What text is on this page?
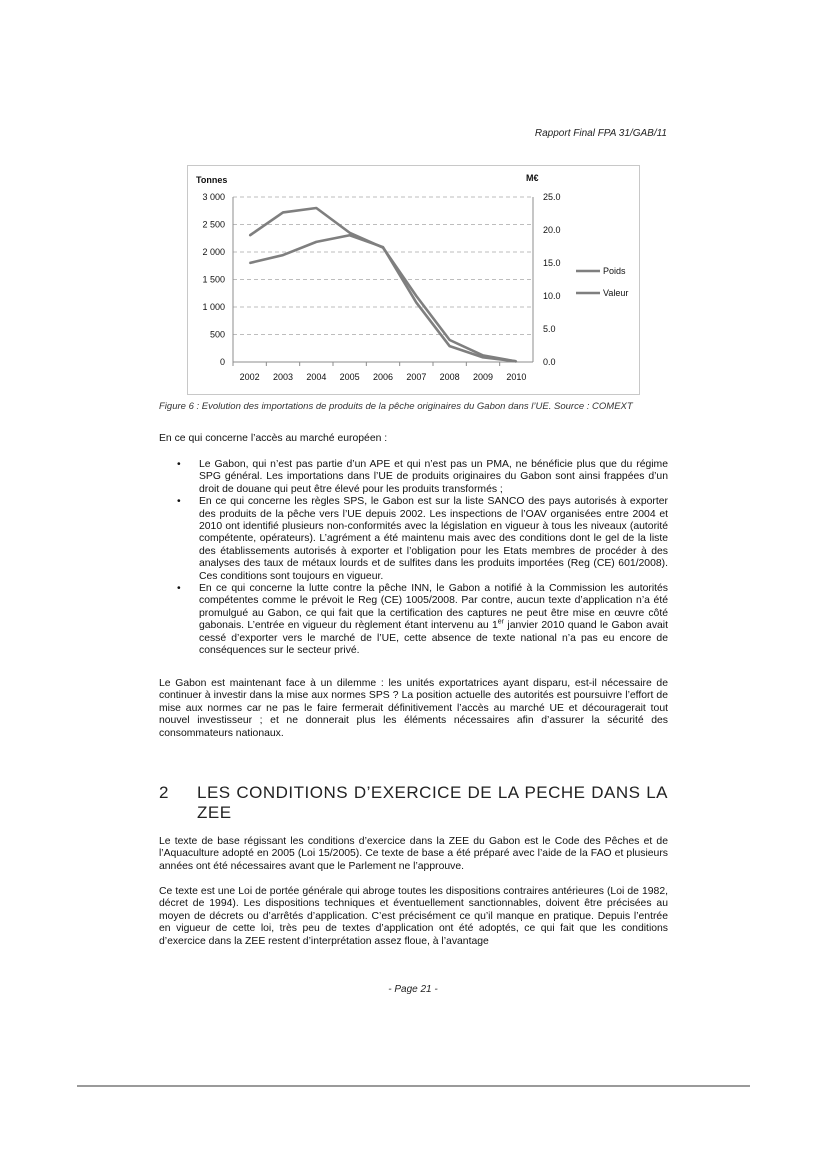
Rapport Final FPA 31/GAB/11
0
500
1 000
1 500
2 000
2 500
3 000
0.0
5.0
10.0
15.0
20.0
25.0
2002 2003 2004 2005 2006 2007 2008 2009 2010
Tonnes	M€
Poids
Valeur
Figure 6 : Evolution des importations de produits de la pêche originaires du Gabon dans l’UE. Source : COMEXT
En ce qui concerne l’accès au marché européen :
• Le Gabon, qui n’est pas partie d’un APE et qui n’est pas un PMA, ne bénéficie plus que du régime SPG général. Les importations dans l’UE de produits originaires du Gabon sont ainsi frappées d’un droit de douane qui peut être élevé pour les produits transformés ;
• En ce qui concerne les règles SPS, le Gabon est sur la liste SANCO des pays autorisés à exporter des produits de la pêche vers l’UE depuis 2002. Les inspections de l’OAV organisées entre 2004 et 2010 ont identifié plusieurs non-conformités avec la législation en vigueur à tous les niveaux (autorité compétente, opérateurs). L’agrément a été maintenu mais avec des conditions dont le gel de la liste des établissements autorisés à exporter et l’obligation pour les Etats membres de procéder à des analyses des taux de métaux lourds et de sulfites dans les produits importées (Reg (CE) 601/2008). Ces conditions sont toujours en vigueur.
• En ce qui concerne la lutte contre la pêche INN, le Gabon a notifié à la Commission les autorités compétentes comme le prévoit le Reg (CE) 1005/2008. Par contre, aucun texte d’application n’a été promulgué au Gabon, ce qui fait que la certification des captures ne peut être mise en œuvre côté gabonais. L’entrée en vigueur du règlement étant intervenu au 1er janvier 2010 quand le Gabon avait cessé d’exporter vers le marché de l’UE, cette absence de texte national n’a pas eu encore de conséquences sur le secteur privé.
Le Gabon est maintenant face à un dilemme : les unités exportatrices ayant disparu, est-il nécessaire de continuer à investir dans la mise aux normes SPS ? La position actuelle des autorités est poursuivre l’effort de mise aux normes car ne pas le faire fermerait définitivement l’accès au marché UE et découragerait tout nouvel investisseur ; et ne donnerait plus les éléments nécessaires afin d’assurer la sécurité des consommateurs nationaux.
2 LES CONDITIONS D’EXERCICE DE LA PECHE DANS LA ZEE
Le texte de base régissant les conditions d’exercice dans la ZEE du Gabon est le Code des Pêches et de l’Aquaculture adopté en 2005 (Loi 15/2005). Ce texte de base a été préparé avec l’aide de la FAO et plusieurs années ont été nécessaires avant que le Parlement ne l’approuve.
Ce texte est une Loi de portée générale qui abroge toutes les dispositions contraires antérieures (Loi de 1982, décret de 1994). Les dispositions techniques et éventuellement sanctionnables, doivent être précisées au moyen de décrets ou d’arrêtés d’application. C’est précisément ce qu’il manque en pratique. Depuis l’entrée en vigueur de cette loi, très peu de textes d’application ont été adoptés, ce qui fait que les conditions d’exercice dans la ZEE restent d’interprétation assez floue, à l’avantage
- Page 21 -
